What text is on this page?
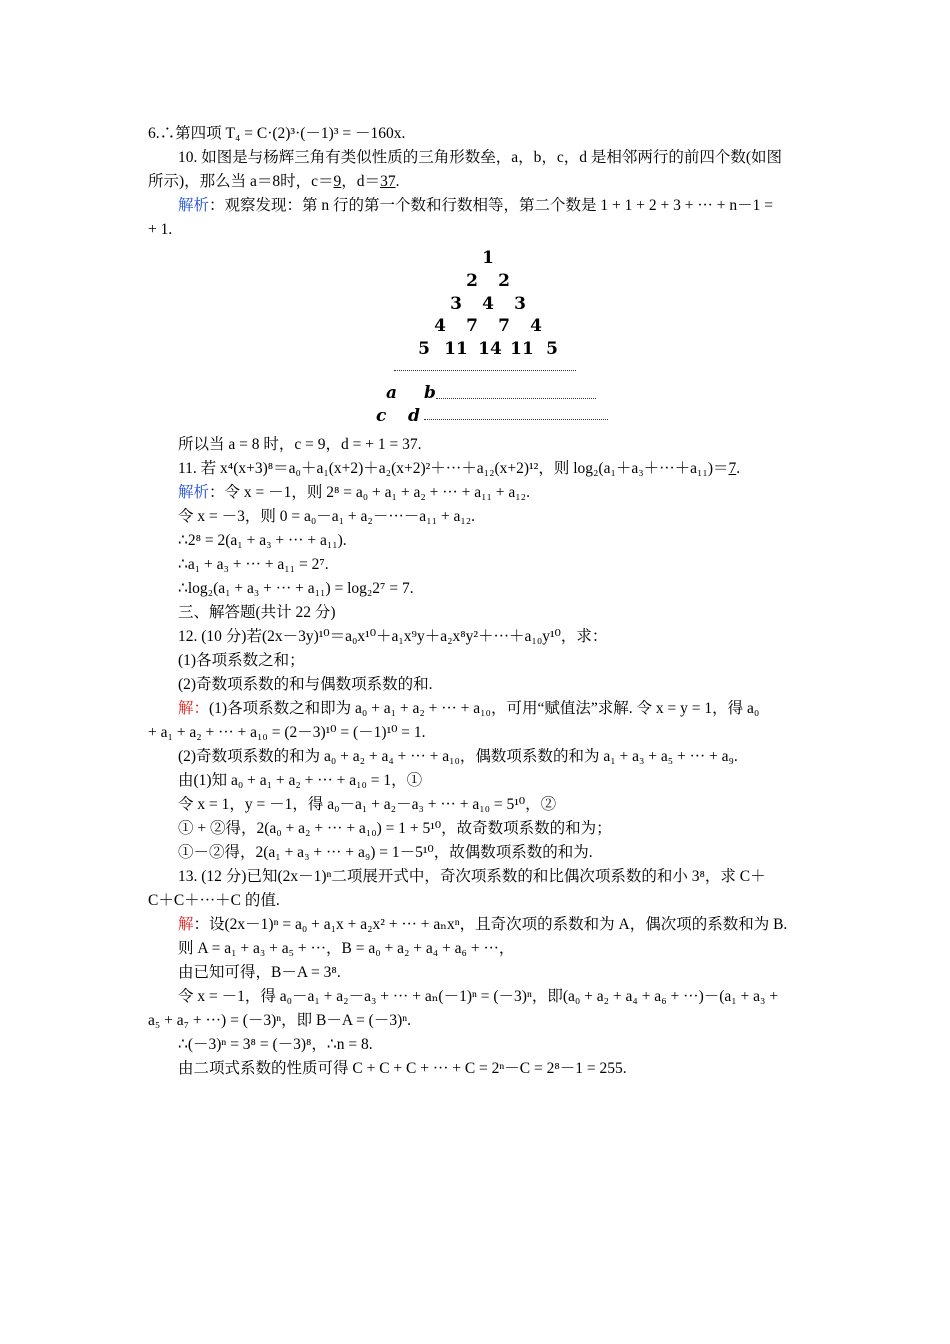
6.∴第四项 T₄ = C·(2)³·(－1)³ = －160x.
10. 如图是与杨辉三角有类似性质的三角形数垒，a，b，c，d 是相邻两行的前四个数(如图
所示)，那么当 a＝8时，c＝9，d＝37.
解析：观察发现：第 n 行的第一个数和行数相等，第二个数是 1 + 1 + 2 + 3 + ··· + n－1 =
+ 1.
1
2	2
3	4	3
4	7	7	4
5 11 14 11 5
a b
c d
所以当 a = 8 时，c = 9，d = + 1 = 37.
11. 若 x⁴(x+3)⁸＝a₀＋a₁(x+2)＋a₂(x+2)²＋···＋a₁₂(x+2)¹²，则 log₂(a₁＋a₃＋···＋a₁₁)＝7.
解析：令 x = －1，则 2⁸ = a₀ + a₁ + a₂ + ··· + a₁₁ + a₁₂.
令 x = －3，则 0 = a₀－a₁ + a₂－···－a₁₁ + a₁₂.
∴2⁸ = 2(a₁ + a₃ + ··· + a₁₁).
∴a₁ + a₃ + ··· + a₁₁ = 2⁷.
∴log₂(a₁ + a₃ + ··· + a₁₁) = log₂2⁷ = 7.
三、解答题(共计 22 分)
12. (10 分)若(2x－3y)¹⁰＝a₀x¹⁰＋a₁x⁹y＋a₂x⁸y²＋···＋a₁₀y¹⁰，求：
(1)各项系数之和；
(2)奇数项系数的和与偶数项系数的和.
解：(1)各项系数之和即为 a₀ + a₁ + a₂ + ··· + a₁₀，可用“赋值法”求解. 令 x = y = 1，得 a₀
+ a₁ + a₂ + ··· + a₁₀ = (2－3)¹⁰ = (－1)¹⁰ = 1.
(2)奇数项系数的和为 a₀ + a₂ + a₄ + ··· + a₁₀，偶数项系数的和为 a₁ + a₃ + a₅ + ··· + a₉.
由(1)知 a₀ + a₁ + a₂ + ··· + a₁₀ = 1，①
令 x = 1，y = －1，得 a₀－a₁ + a₂－a₃ + ··· + a₁₀ = 5¹⁰，②
① + ②得，2(a₀ + a₂ + ··· + a₁₀) = 1 + 5¹⁰，故奇数项系数的和为；
①－②得，2(a₁ + a₃ + ··· + a₉) = 1－5¹⁰，故偶数项系数的和为.
13. (12 分)已知(2x－1)ⁿ二项展开式中，奇次项系数的和比偶次项系数的和小 3⁸，求 C＋
C＋C＋···＋C 的值.
解：设(2x－1)ⁿ = a₀ + a₁x + a₂x² + ··· + aₙxⁿ，且奇次项的系数和为 A，偶次项的系数和为 B.
则 A = a₁ + a₃ + a₅ + ···，B = a₀ + a₂ + a₄ + a₆ + ···，
由已知可得，B－A = 3⁸.
令 x = －1，得 a₀－a₁ + a₂－a₃ + ··· + aₙ(－1)ⁿ = (－3)ⁿ，即(a₀ + a₂ + a₄ + a₆ + ···)－(a₁ + a₃ +
a₅ + a₇ + ···) = (－3)ⁿ，即 B－A = (－3)ⁿ.
∴(－3)ⁿ = 3⁸ = (－3)⁸，∴n = 8.
由二项式系数的性质可得 C + C + C + ··· + C = 2ⁿ－C = 2⁸－1 = 255.
